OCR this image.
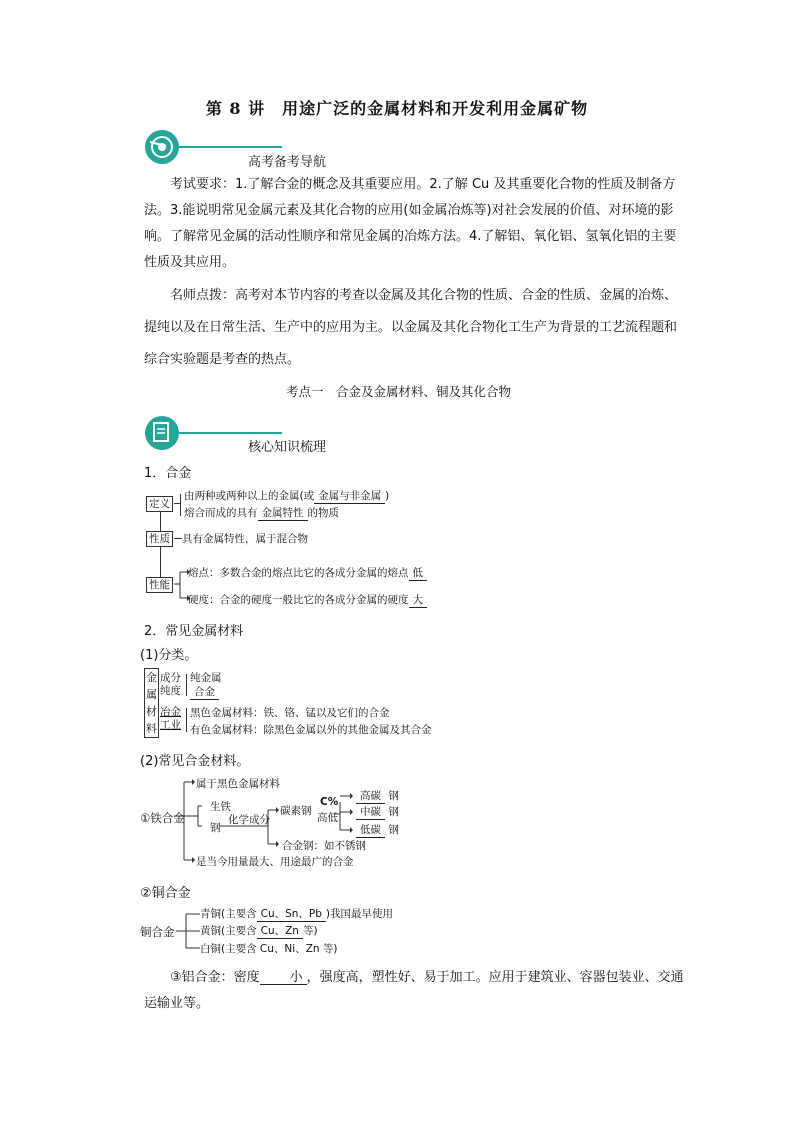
第 8 讲　用途广泛的金属材料和开发利用金属矿物
高考备考导航

考试要求：1.了解合金的概念及其重要应用。2.了解 Cu 及其重要化合物的性质及制备方法。3.能说明常见金属元素及其化合物的应用(如金属冶炼等)对社会发展的价值、对环境的影响。了解常见金属的活动性顺序和常见金属的冶炼方法。4.了解铝、氧化铝、氢氧化铝的主要性质及其应用。

名师点拨：高考对本节内容的考查以金属及其化合物的性质、合金的性质、金属的冶炼、提纯以及在日常生活、生产中的应用为主。以金属及其化合物化工生产为背景的工艺流程题和综合实验题是考查的热点。

考点一　合金及金属材料、铜及其化合物
核心知识梳理
1．合金
定义
由两种或两种以上的金属(或 金属与非金属 )
熔合而成的具有 金属特性 的物质
性质 具有金属特性，属于混合物
性能
熔点：多数合金的熔点比它的各成分金属的熔点 低
硬度：合金的硬度一般比它的各成分金属的硬度 大
2．常见金属材料
(1)分类。
金
属
材
料
成分纯度
纯金属
合金
冶金工业
黑色金属材料：铁、铬、锰以及它们的合金
有色金属材料：除黑色金属以外的其他金属及其合金
(2)常见合金材料。
①铁合金
属于黑色金属材料
生铁
钢
化学成分
碳素钢
C%
高低
高碳 钢
中碳 钢
低碳 钢
合金钢：如不锈钢
是当今用量最大、用途最广的合金
②铜合金
铜合金
青铜(主要含 Cu、Sn、Pb )我国最早使用
黄铜(主要含 Cu、Zn 等)
白铜(主要含 Cu、Ni、Zn 等)

③铝合金：密度 小 ，强度高，塑性好、易于加工。应用于建筑业、容器包装业、交通运输业等。
